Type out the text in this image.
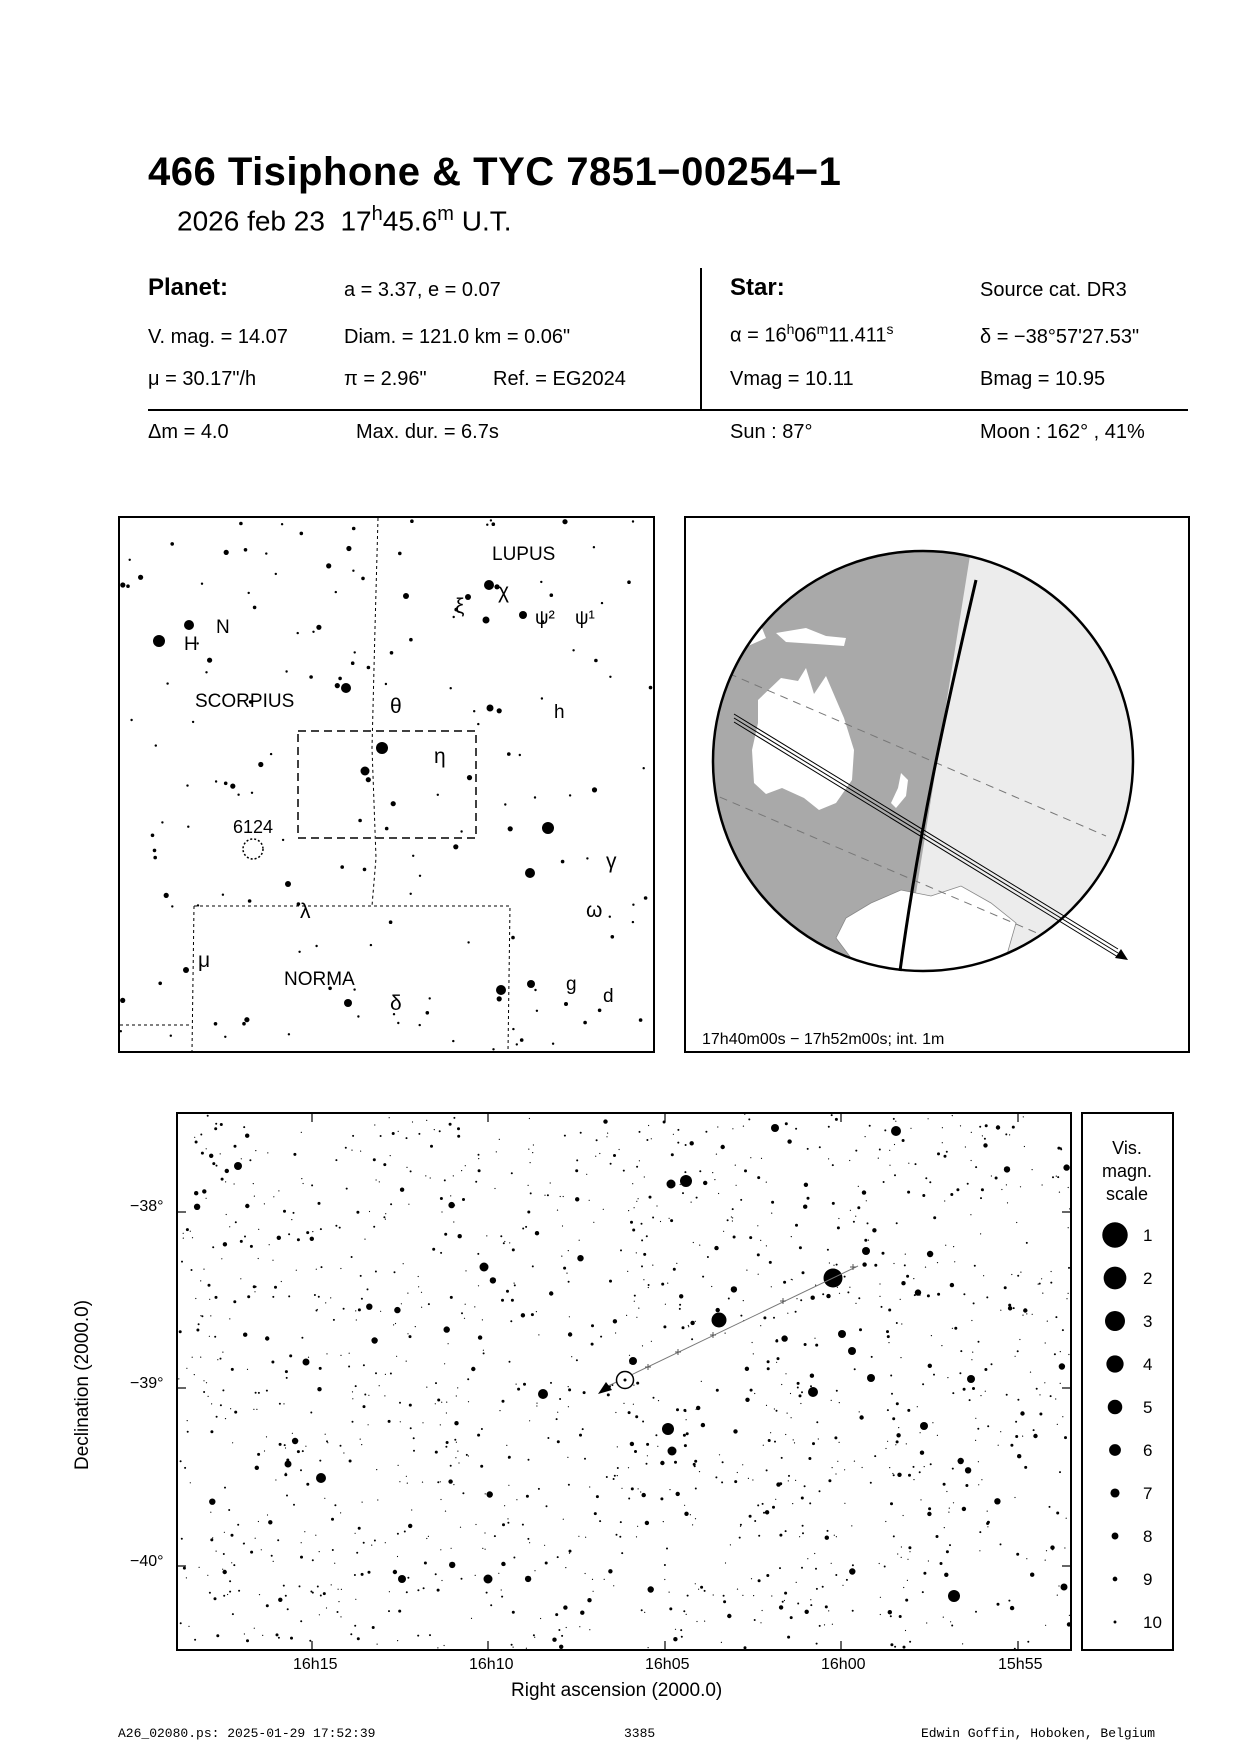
466 Tisiphone & TYC 7851−00254−1
2026 feb 23 17$^h$45.6$^m$ U.T.
Planet:	a = 3.37, e = 0.07
V. mag. = 14.07	Diam. = 121.0 km = 0.06"
μ = 30.17"/h	π = 2.96"	Ref. = EG2024
Δm = 4.0	Max. dur. = 6.7s
Star:	Source cat. DR3
$\alpha = 16^h06^m11.411^s$	δ = −38°57'27.53"
Vmag = 10.11	Bmag = 10.95
Sun : 87°	Moon : 162° , 41%
LUPUS
SCORPIUS
NORMA
6124
χ
ξ
ψ² ψ¹
H
N
θ	h
η
γ
ω
λ
μ
δ
g
d
17h40m00s − 17h52m00s; int. 1m
−38°
−39°
−40°
16h15	16h10	16h05	16h00	15h55
Right ascension (2000.0)
Declination (2000.0)
Vis.
magn.
scale
1
2
3
4
5
6
7
8
9
10
A26_02080.ps: 2025-01-29 17:52:39	3385	Edwin Goffin, Hoboken, Belgium
